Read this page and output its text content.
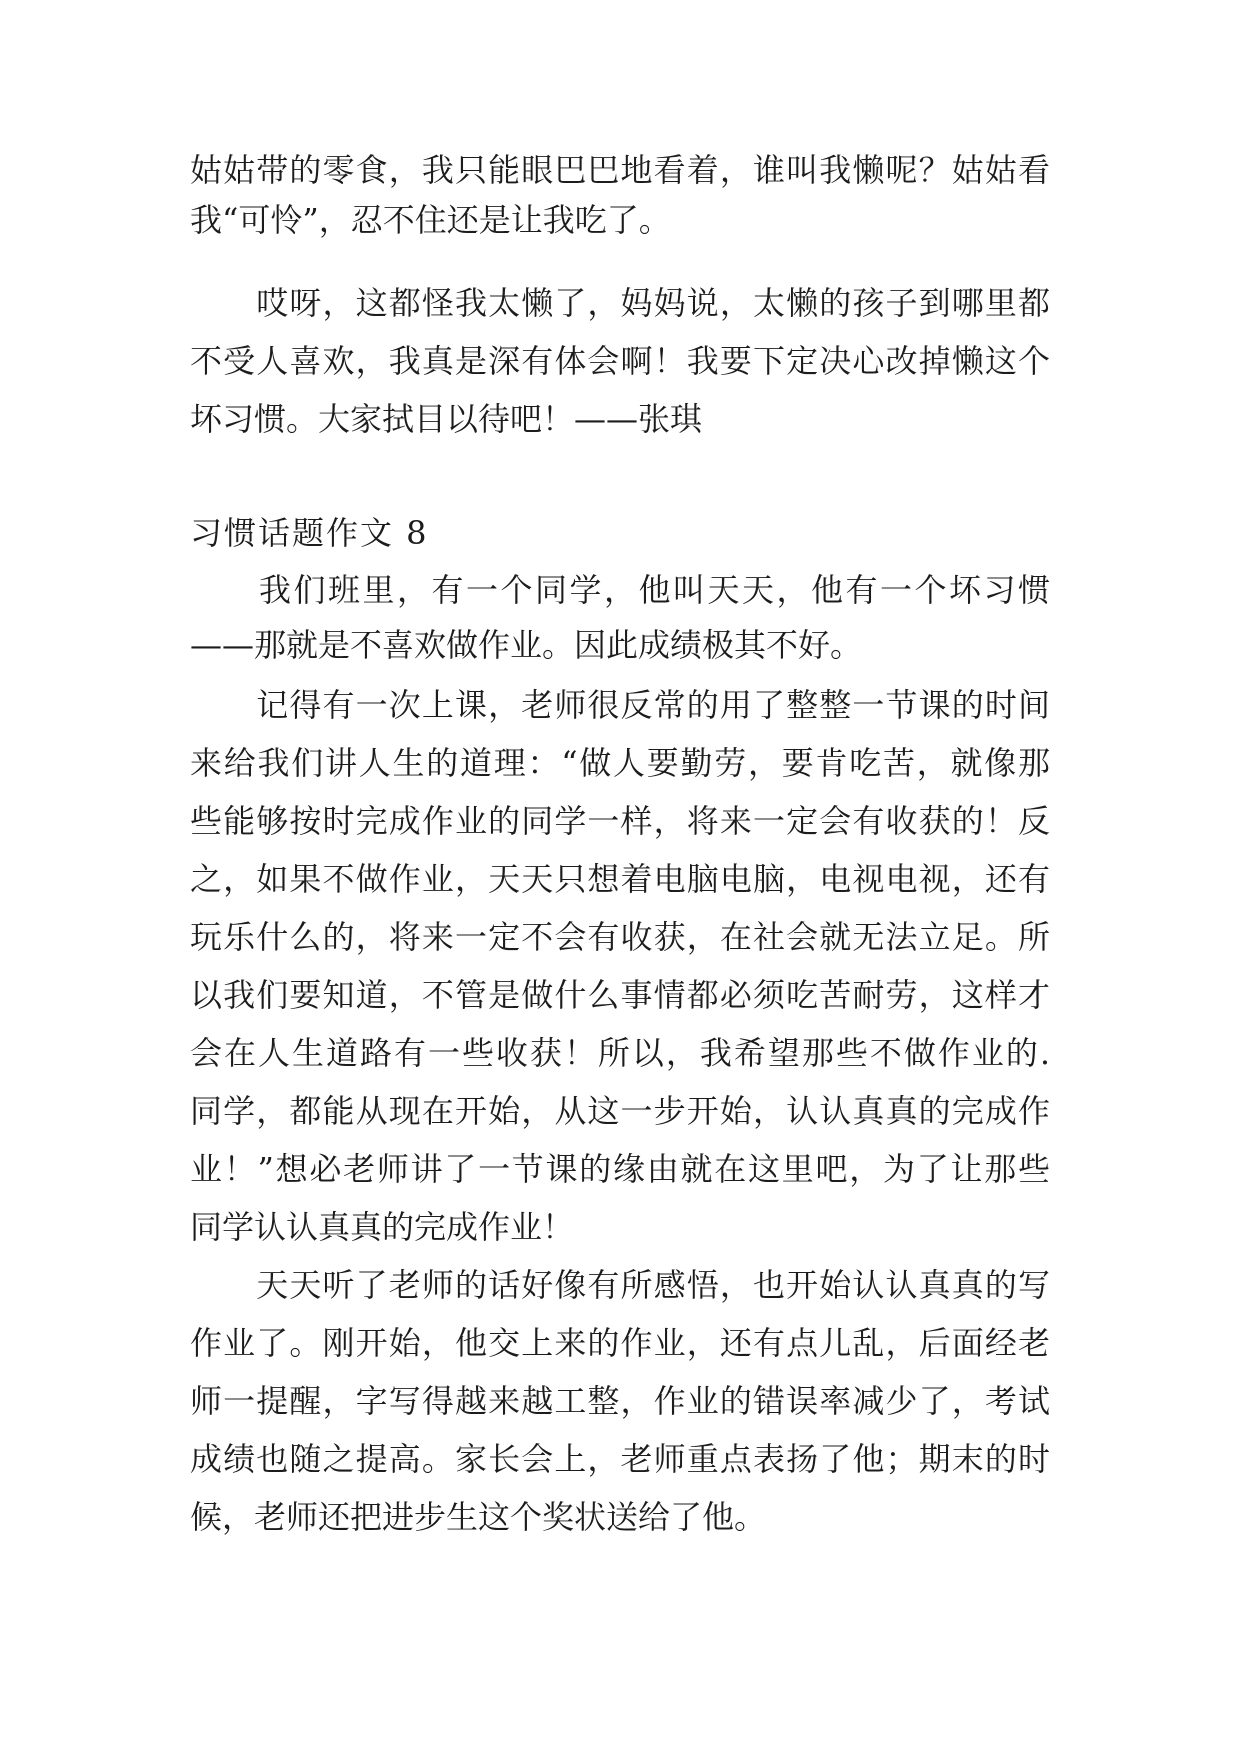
姑姑带的零食，我只能眼巴巴地看着，谁叫我懒呢？姑姑看

我“可怜”，忍不住还是让我吃了。

　　哎呀，这都怪我太懒了，妈妈说，太懒的孩子到哪里都

不受人喜欢，我真是深有体会啊！我要下定决心改掉懒这个

坏习惯。大家拭目以待吧！——张琪

习惯话题作文 8

　　我们班里，有一个同学，他叫天天，他有一个坏习惯

——那就是不喜欢做作业。因此成绩极其不好。

　　记得有一次上课，老师很反常的用了整整一节课的时间

来给我们讲人生的道理：“做人要勤劳，要肯吃苦，就像那

些能够按时完成作业的同学一样，将来一定会有收获的！反

之，如果不做作业，天天只想着电脑电脑，电视电视，还有

玩乐什么的，将来一定不会有收获，在社会就无法立足。所

以我们要知道，不管是做什么事情都必须吃苦耐劳，这样才

会在人生道路有一些收获！所以，我希望那些不做作业的.

同学，都能从现在开始，从这一步开始，认认真真的完成作

业！”想必老师讲了一节课的缘由就在这里吧，为了让那些

同学认认真真的完成作业！

　　天天听了老师的话好像有所感悟，也开始认认真真的写

作业了。刚开始，他交上来的作业，还有点儿乱，后面经老

师一提醒，字写得越来越工整，作业的错误率减少了，考试

成绩也随之提高。家长会上，老师重点表扬了他；期末的时

候，老师还把进步生这个奖状送给了他。
